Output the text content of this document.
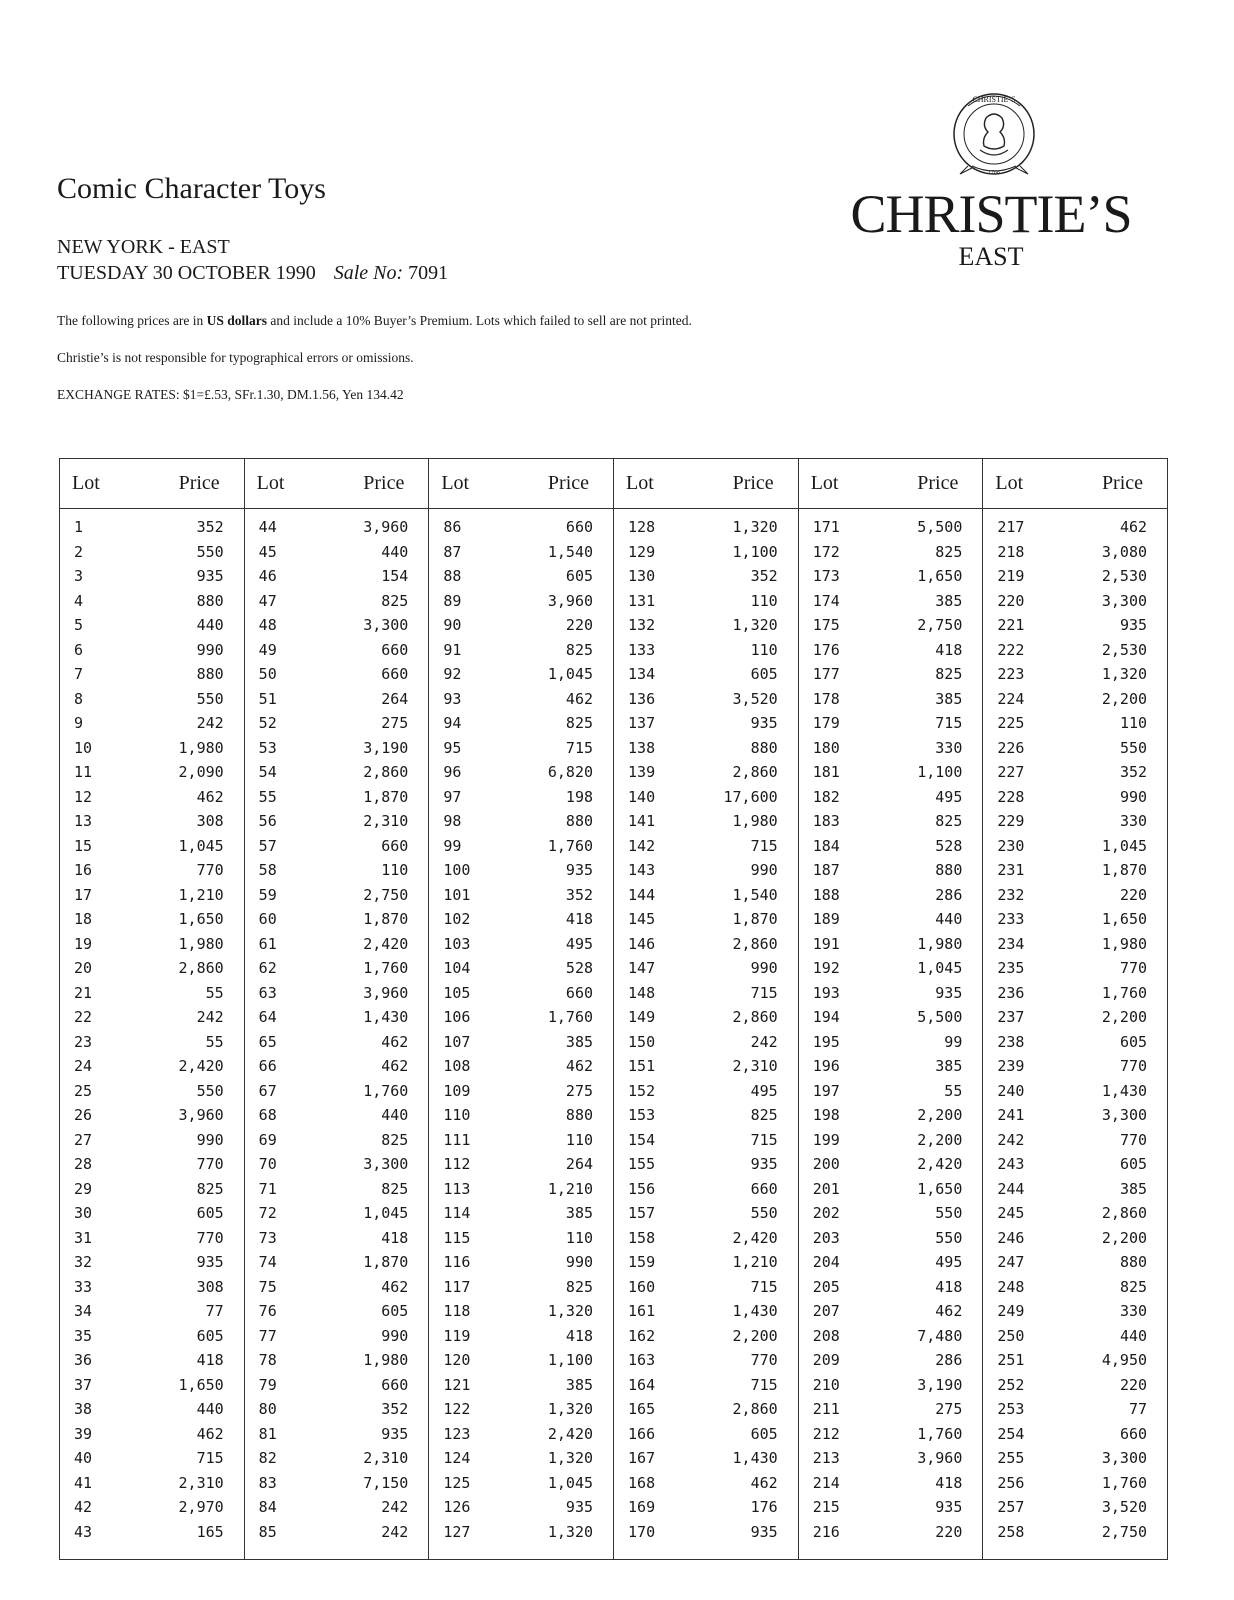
Comic Character Toys
NEW YORK - EAST
TUESDAY 30 OCTOBER 1990 Sale No: 7091
CHRISTIE’S
1766
CHRISTIE’S
EAST
The following prices are in US dollars and include a 10% Buyer’s Premium. Lots which failed to sell are not printed.
Christie’s is not responsible for typographical errors or omissions.
EXCHANGE RATES: $1=£.53, SFr.1.30, DM.1.56, Yen 134.42
Lot	Price
1	352
2	550
3	935
4	880
5	440
6	990
7	880
8	550
9	242
10	1,980
11	2,090
12	462
13	308
15	1,045
16	770
17	1,210
18	1,650
19	1,980
20	2,860
21	55
22	242
23	55
24	2,420
25	550
26	3,960
27	990
28	770
29	825
30	605
31	770
32	935
33	308
34	77
35	605
36	418
37	1,650
38	440
39	462
40	715
41	2,310
42	2,970
43	165
Lot	Price
44	3,960
45	440
46	154
47	825
48	3,300
49	660
50	660
51	264
52	275
53	3,190
54	2,860
55	1,870
56	2,310
57	660
58	110
59	2,750
60	1,870
61	2,420
62	1,760
63	3,960
64	1,430
65	462
66	462
67	1,760
68	440
69	825
70	3,300
71	825
72	1,045
73	418
74	1,870
75	462
76	605
77	990
78	1,980
79	660
80	352
81	935
82	2,310
83	7,150
84	242
85	242
Lot	Price
86	660
87	1,540
88	605
89	3,960
90	220
91	825
92	1,045
93	462
94	825
95	715
96	6,820
97	198
98	880
99	1,760
100	935
101	352
102	418
103	495
104	528
105	660
106	1,760
107	385
108	462
109	275
110	880
111	110
112	264
113	1,210
114	385
115	110
116	990
117	825
118	1,320
119	418
120	1,100
121	385
122	1,320
123	2,420
124	1,320
125	1,045
126	935
127	1,320
Lot	Price
128	1,320
129	1,100
130	352
131	110
132	1,320
133	110
134	605
136	3,520
137	935
138	880
139	2,860
140	17,600
141	1,980
142	715
143	990
144	1,540
145	1,870
146	2,860
147	990
148	715
149	2,860
150	242
151	2,310
152	495
153	825
154	715
155	935
156	660
157	550
158	2,420
159	1,210
160	715
161	1,430
162	2,200
163	770
164	715
165	2,860
166	605
167	1,430
168	462
169	176
170	935
Lot	Price
171	5,500
172	825
173	1,650
174	385
175	2,750
176	418
177	825
178	385
179	715
180	330
181	1,100
182	495
183	825
184	528
187	880
188	286
189	440
191	1,980
192	1,045
193	935
194	5,500
195	99
196	385
197	55
198	2,200
199	2,200
200	2,420
201	1,650
202	550
203	550
204	495
205	418
207	462
208	7,480
209	286
210	3,190
211	275
212	1,760
213	3,960
214	418
215	935
216	220
Lot	Price
217	462
218	3,080
219	2,530
220	3,300
221	935
222	2,530
223	1,320
224	2,200
225	110
226	550
227	352
228	990
229	330
230	1,045
231	1,870
232	220
233	1,650
234	1,980
235	770
236	1,760
237	2,200
238	605
239	770
240	1,430
241	3,300
242	770
243	605
244	385
245	2,860
246	2,200
247	880
248	825
249	330
250	440
251	4,950
252	220
253	77
254	660
255	3,300
256	1,760
257	3,520
258	2,750
